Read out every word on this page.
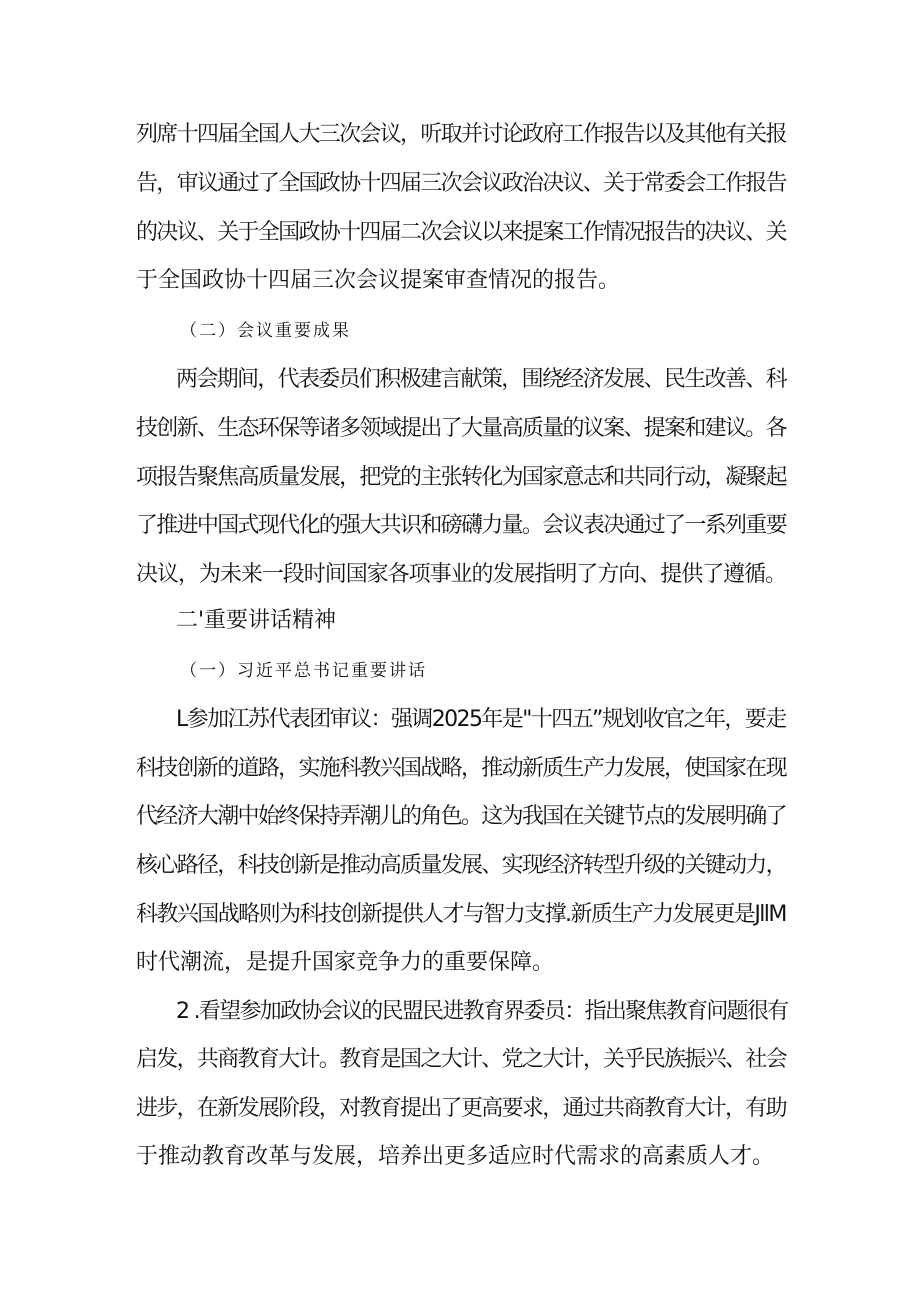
列席十四届全国人大三次会议，听取并讨论政府工作报告以及其他有关报
告，审议通过了全国政协十四届三次会议政治决议、关于常委会工作报告
的决议、关于全国政协十四届二次会议以来提案工作情况报告的决议、关
于全国政协十四届三次会议提案审查情况的报告。
（二）会议重要成果
两会期间，代表委员们积极建言献策，围绕经济发展、民生改善、科
技创新、生态环保等诸多领域提出了大量高质量的议案、提案和建议。各
项报告聚焦高质量发展，把党的主张转化为国家意志和共同行动，凝聚起
了推进中国式现代化的强大共识和磅礴力量。会议表决通过了一系列重要
决议，为未来一段时间国家各项事业的发展指明了方向、提供了遵循。
二'重要讲话精神
（一）习近平总书记重要讲话
L参加江苏代表团审议：强调2025年是"十四五”规划收官之年，要走
科技创新的道路，实施科教兴国战略，推动新质生产力发展，使国家在现
代经济大潮中始终保持弄潮儿的角色。这为我国在关键节点的发展明确了
核心路径，科技创新是推动高质量发展、实现经济转型升级的关键动力，
科教兴国战略则为科技创新提供人才与智力支撑.新质生产力发展更是JllM
时代潮流，是提升国家竞争力的重要保障。
2 .看望参加政协会议的民盟民进教育界委员：指出聚焦教育问题很有
启发，共商教育大计。教育是国之大计、党之大计，关乎民族振兴、社会
进步，在新发展阶段，对教育提出了更高要求，通过共商教育大计，有助
于推动教育改革与发展，培养出更多适应时代需求的高素质人才。
